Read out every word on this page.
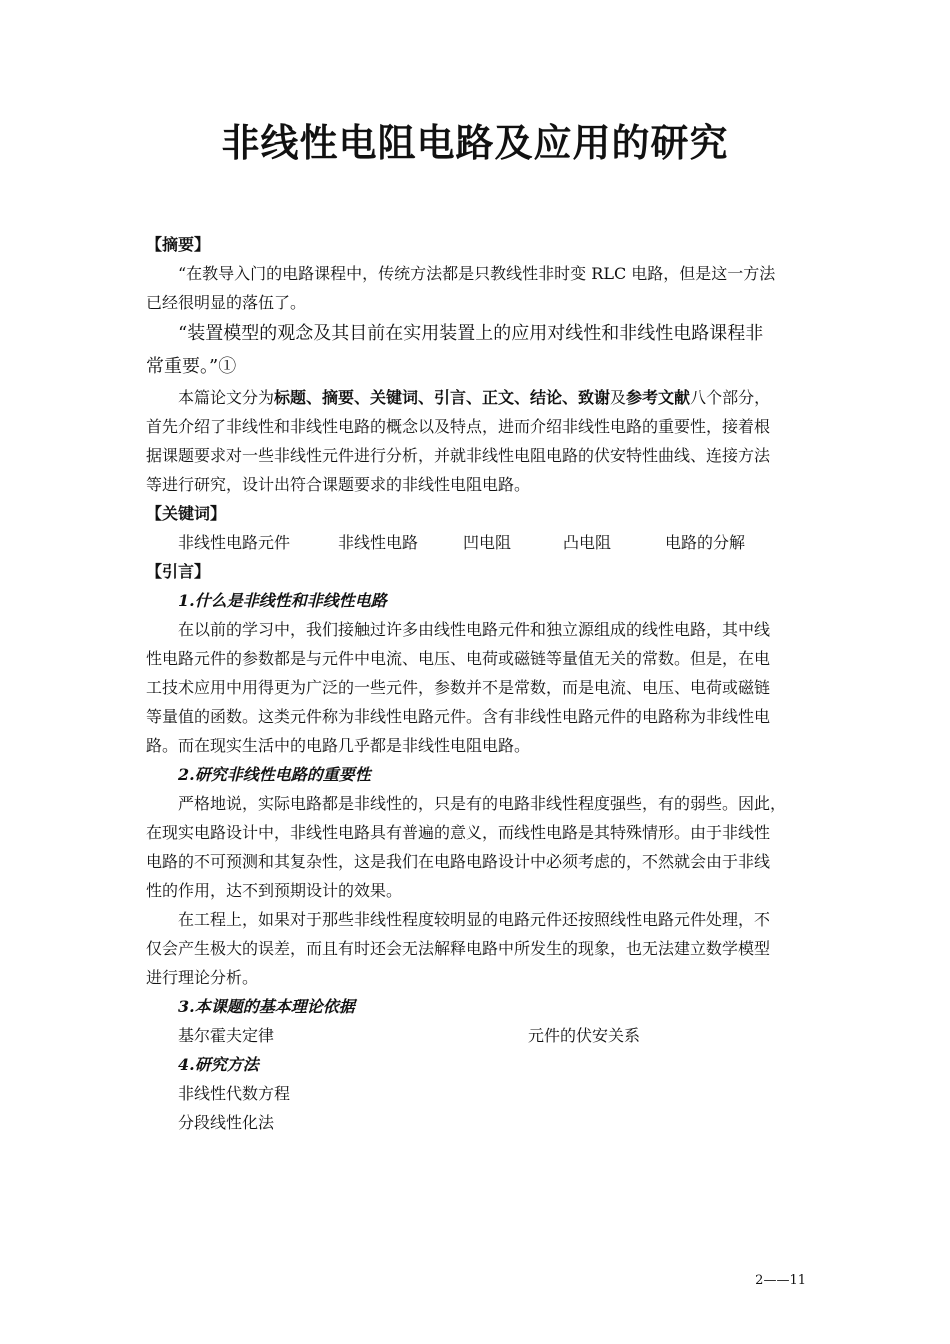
非线性电阻电路及应用的研究
【摘要】
“在教导入门的电路课程中，传统方法都是只教线性非时变 RLC 电路，但是这一方法
已经很明显的落伍了。
“装置模型的观念及其目前在实用装置上的应用对线性和非线性电路课程非
常重要。”①
本篇论文分为标题、摘要、关键词、引言、正文、结论、致谢及参考文献八个部分，
首先介绍了非线性和非线性电路的概念以及特点，进而介绍非线性电路的重要性，接着根
据课题要求对一些非线性元件进行分析，并就非线性电阻电路的伏安特性曲线、连接方法
等进行研究，设计出符合课题要求的非线性电阻电路。
【关键词】
非线性电路元件	非线性电路	凹电阻	凸电阻	电路的分解
【引言】
1.什么是非线性和非线性电路
在以前的学习中，我们接触过许多由线性电路元件和独立源组成的线性电路，其中线
性电路元件的参数都是与元件中电流、电压、电荷或磁链等量值无关的常数。但是，在电
工技术应用中用得更为广泛的一些元件，参数并不是常数，而是电流、电压、电荷或磁链
等量值的函数。这类元件称为非线性电路元件。含有非线性电路元件的电路称为非线性电
路。而在现实生活中的电路几乎都是非线性电阻电路。
2.研究非线性电路的重要性
严格地说，实际电路都是非线性的，只是有的电路非线性程度强些，有的弱些。因此，
在现实电路设计中，非线性电路具有普遍的意义，而线性电路是其特殊情形。由于非线性
电路的不可预测和其复杂性，这是我们在电路电路设计中必须考虑的，不然就会由于非线
性的作用，达不到预期设计的效果。
在工程上，如果对于那些非线性程度较明显的电路元件还按照线性电路元件处理，不
仅会产生极大的误差，而且有时还会无法解释电路中所发生的现象，也无法建立数学模型
进行理论分析。
3.本课题的基本理论依据
基尔霍夫定律	元件的伏安关系
4.研究方法
非线性代数方程
分段线性化法
2——11
